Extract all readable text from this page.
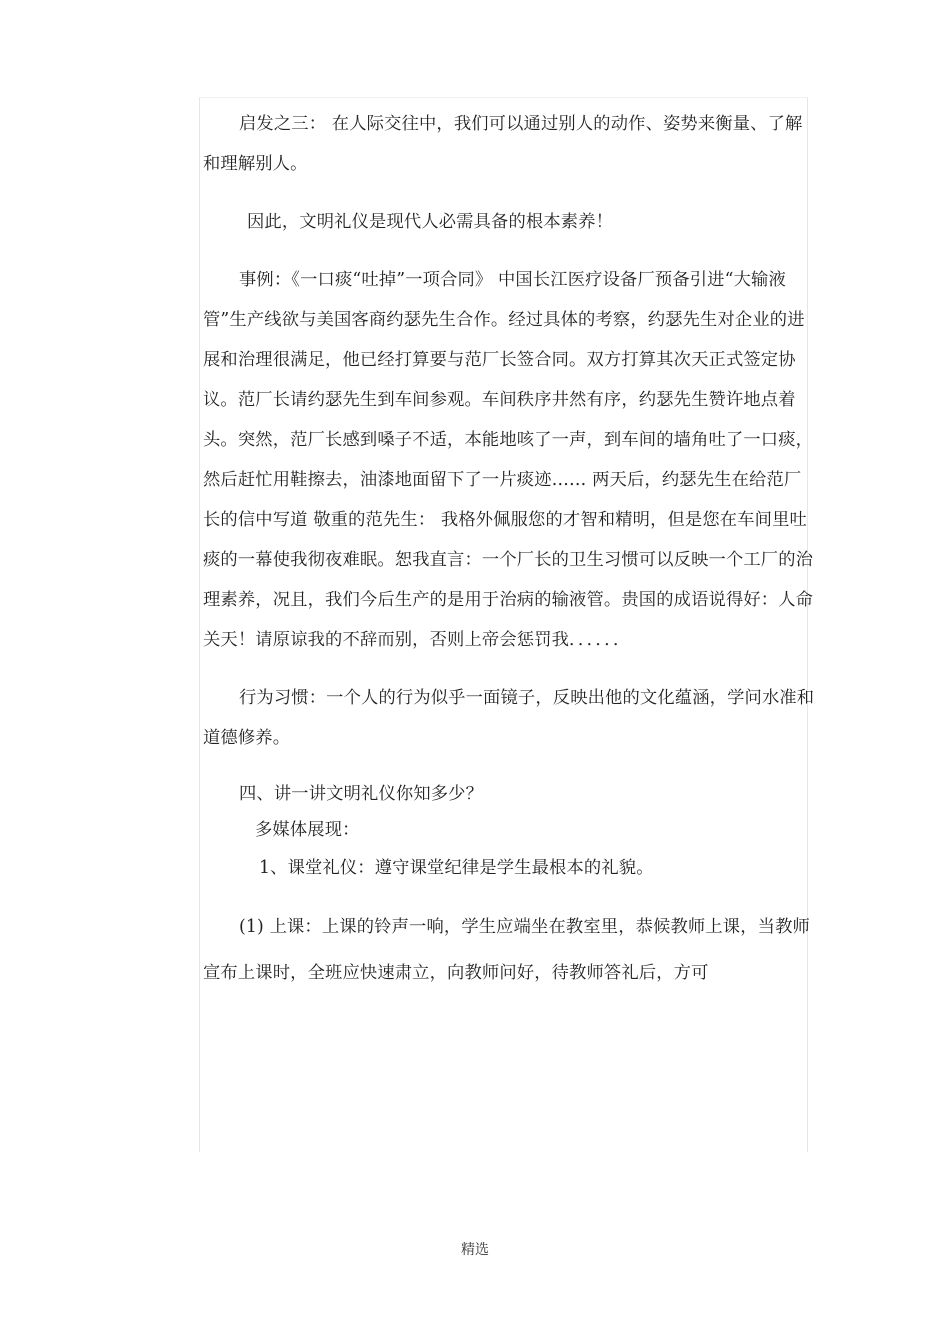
启发之三： 在人际交往中，我们可以通过别人的动作、姿势来衡量、了解和理解别人。

因此，文明礼仪是现代人必需具备的根本素养！

事例：《一口痰“吐掉”一项合同》 中国长江医疗设备厂预备引进“大输液管”生产线欲与美国客商约瑟先生合作。经过具体的考察，约瑟先生对企业的进展和治理很满足，他已经打算要与范厂长签合同。双方打算其次天正式签定协议。范厂长请约瑟先生到车间参观。车间秩序井然有序，约瑟先生赞许地点着头。突然，范厂长感到嗓子不适，本能地咳了一声，到车间的墙角吐了一口痰，然后赶忙用鞋擦去，油漆地面留下了一片痰迹…… 两天后，约瑟先生在给范厂长的信中写道 敬重的范先生： 我格外佩服您的才智和精明，但是您在车间里吐痰的一幕使我彻夜难眠。恕我直言：一个厂长的卫生习惯可以反映一个工厂的治理素养，况且，我们今后生产的是用于治病的输液管。贵国的成语说得好：人命关天！请原谅我的不辞而别，否则上帝会惩罚我．．．．．．

行为习惯：一个人的行为似乎一面镜子，反映出他的文化蕴涵，学问水准和道德修养。

四、讲一讲文明礼仪你知多少？

多媒体展现：

1、课堂礼仪：遵守课堂纪律是学生最根本的礼貌。

(1) 上课：上课的铃声一响，学生应端坐在教室里，恭候教师上课，当教师宣布上课时，全班应快速肃立，向教师问好，待教师答礼后，方可

精选
